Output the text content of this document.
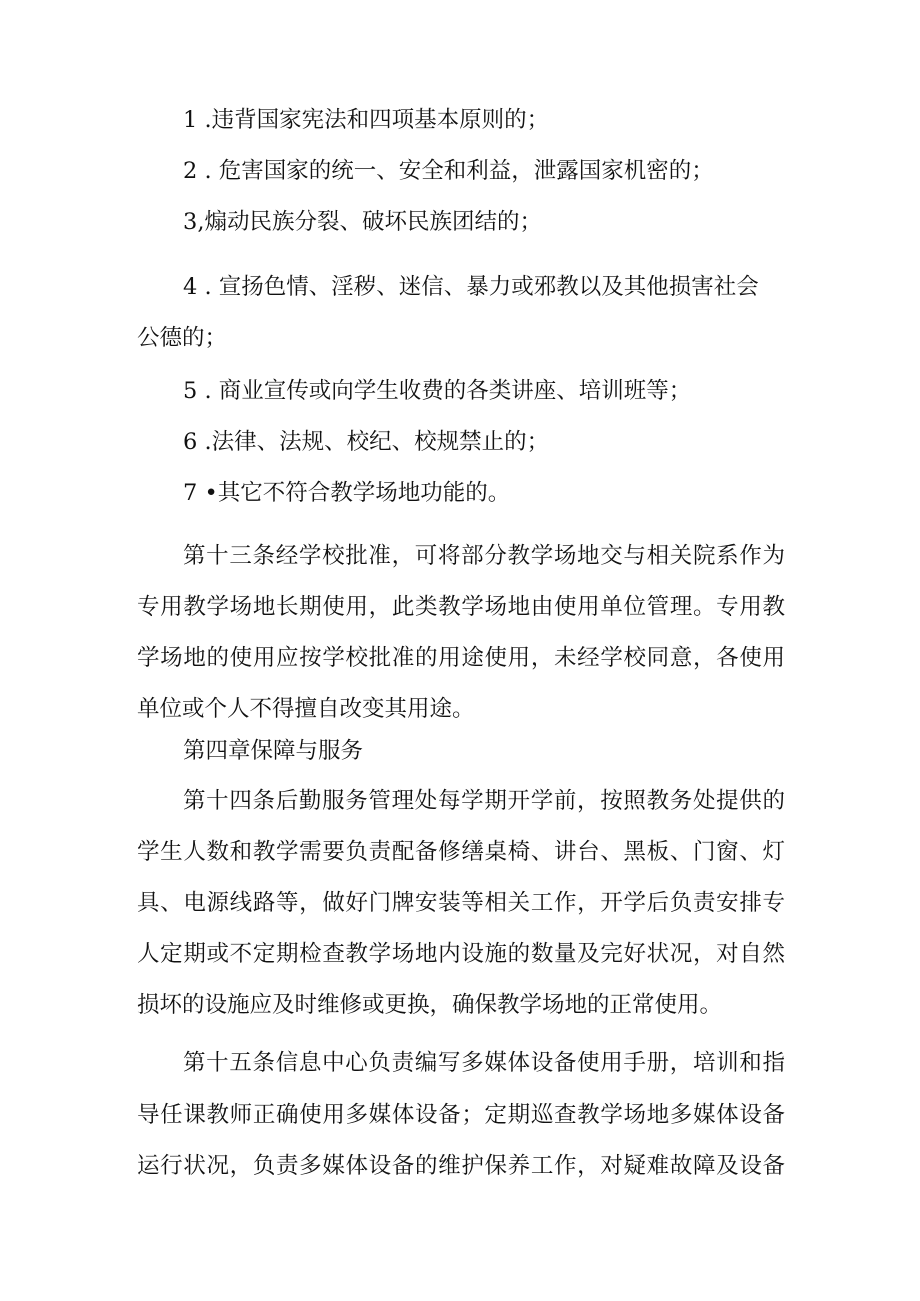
1 .违背国家宪法和四项基本原则的；
2 . 危害国家的统一、安全和利益，泄露国家机密的；
3,煽动民族分裂、破坏民族团结的；
4 . 宣扬色情、淫秽、迷信、暴力或邪教以及其他损害社会
公德的；
5 . 商业宣传或向学生收费的各类讲座、培训班等；
6 .法律、法规、校纪、校规禁止的；
7 •其它不符合教学场地功能的。
第十三条经学校批准，可将部分教学场地交与相关院系作为
专用教学场地长期使用，此类教学场地由使用单位管理。专用教
学场地的使用应按学校批准的用途使用，未经学校同意，各使用
单位或个人不得擅自改变其用途。
第四章保障与服务
第十四条后勤服务管理处每学期开学前，按照教务处提供的
学生人数和教学需要负责配备修缮桌椅、讲台、黑板、门窗、灯
具、电源线路等，做好门牌安装等相关工作，开学后负责安排专
人定期或不定期检查教学场地内设施的数量及完好状况，对自然
损坏的设施应及时维修或更换，确保教学场地的正常使用。
第十五条信息中心负责编写多媒体设备使用手册，培训和指
导任课教师正确使用多媒体设备；定期巡查教学场地多媒体设备
运行状况，负责多媒体设备的维护保养工作，对疑难故障及设备
